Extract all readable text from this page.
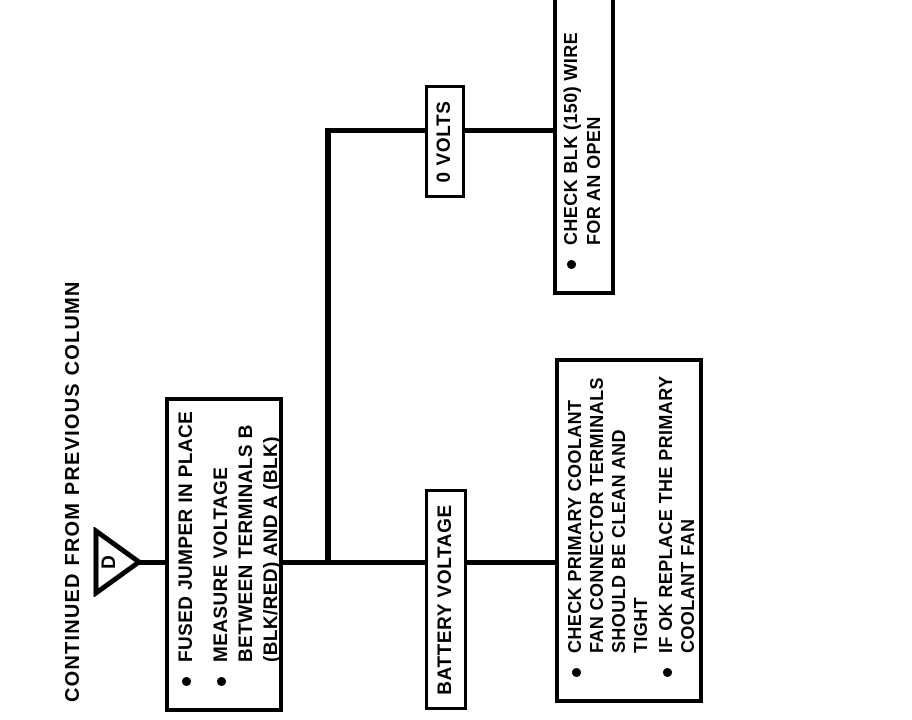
CONTINUED FROM PREVIOUS COLUMN D	FUSED JUMPER IN PLACE MEASURE VOLTAGE BETWEEN TERMINALS B (BLK/RED) AND A (BLK)	BATTERY VOLTAGE
0 VOLTS
CHECK PRIMARY COOLANT FAN CONNECTOR TERMINALS SHOULD BE CLEAN AND TIGHT IF OK REPLACE THE PRIMARY COOLANT FAN
CHECK BLK (150) WIRE FOR AN OPEN
